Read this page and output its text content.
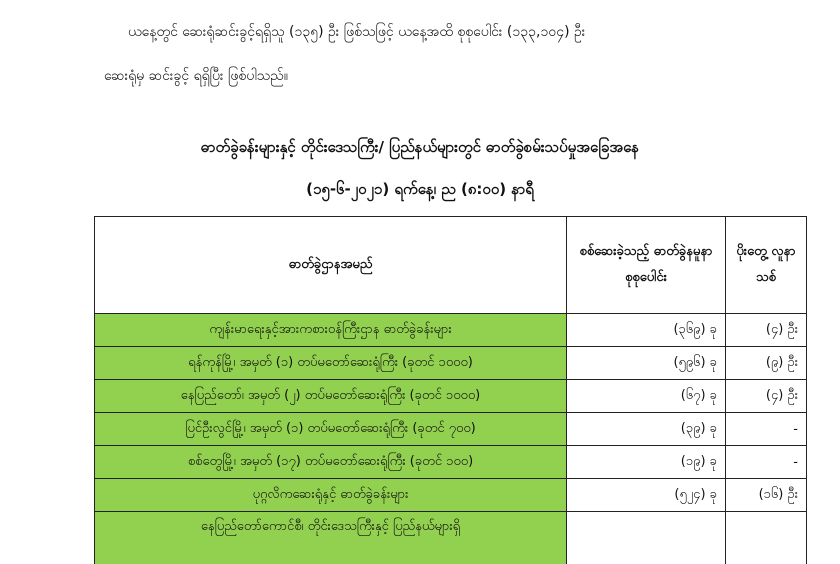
ယနေ့တွင် ဆေးရုံဆင်းခွင့်ရရှိသူ (၁၃၅) ဦး ဖြစ်သဖြင့် ယနေ့အထိ စုစုပေါင်း (၁၃၃,၁၀၄) ဦး
ဆေးရုံမှ ဆင်းခွင့် ရရှိပြီး ဖြစ်ပါသည်။
ဓာတ်ခွဲခန်းများနှင့် တိုင်းဒေသကြီး/ ပြည်နယ်များတွင် ဓာတ်ခွဲစမ်းသပ်မှုအခြေအနေ
(၁၅-၆-၂၀၂၁) ရက်နေ့၊ ည (၈:၀၀) နာရီ
ဓာတ်ခွဲဌာနအမည်	စစ်ဆေးခဲ့သည့် ဓာတ်ခွဲနမူနာ စုစုပေါင်း	ပိုးတွေ့ လူနာသစ်
ကျန်းမာရေးနှင့်အားကစားဝန်ကြီးဌာန ဓာတ်ခွဲခန်းများ	(၃၆၉) ခု	(၄) ဦး
ရန်ကုန်မြို့၊ အမှတ် (၁) တပ်မတော်ဆေးရုံကြီး (ခုတင် ၁၀၀၀)	(၅၉၆) ခု	(၉) ဦး
နေပြည်တော်၊ အမှတ် (၂) တပ်မတော်ဆေးရုံကြီး (ခုတင် ၁၀၀၀)	(၆၇) ခု	(၄) ဦး
ပြင်ဦးလွင်မြို့၊ အမှတ် (၁) တပ်မတော်ဆေးရုံကြီး (ခုတင် ၇၀၀)	(၃၉) ခု	-
စစ်တွေမြို့၊ အမှတ် (၁၇) တပ်မတော်ဆေးရုံကြီး (ခုတင် ၁၀၀)	(၁၉) ခု	-
ပုဂ္ဂလိကဆေးရုံနှင့် ဓာတ်ခွဲခန်းများ	(၅၂၄) ခု	(၁၆) ဦး
နေပြည်တော်ကောင်စီ၊ တိုင်းဒေသကြီးနှင့် ပြည်နယ်များရှိ		
